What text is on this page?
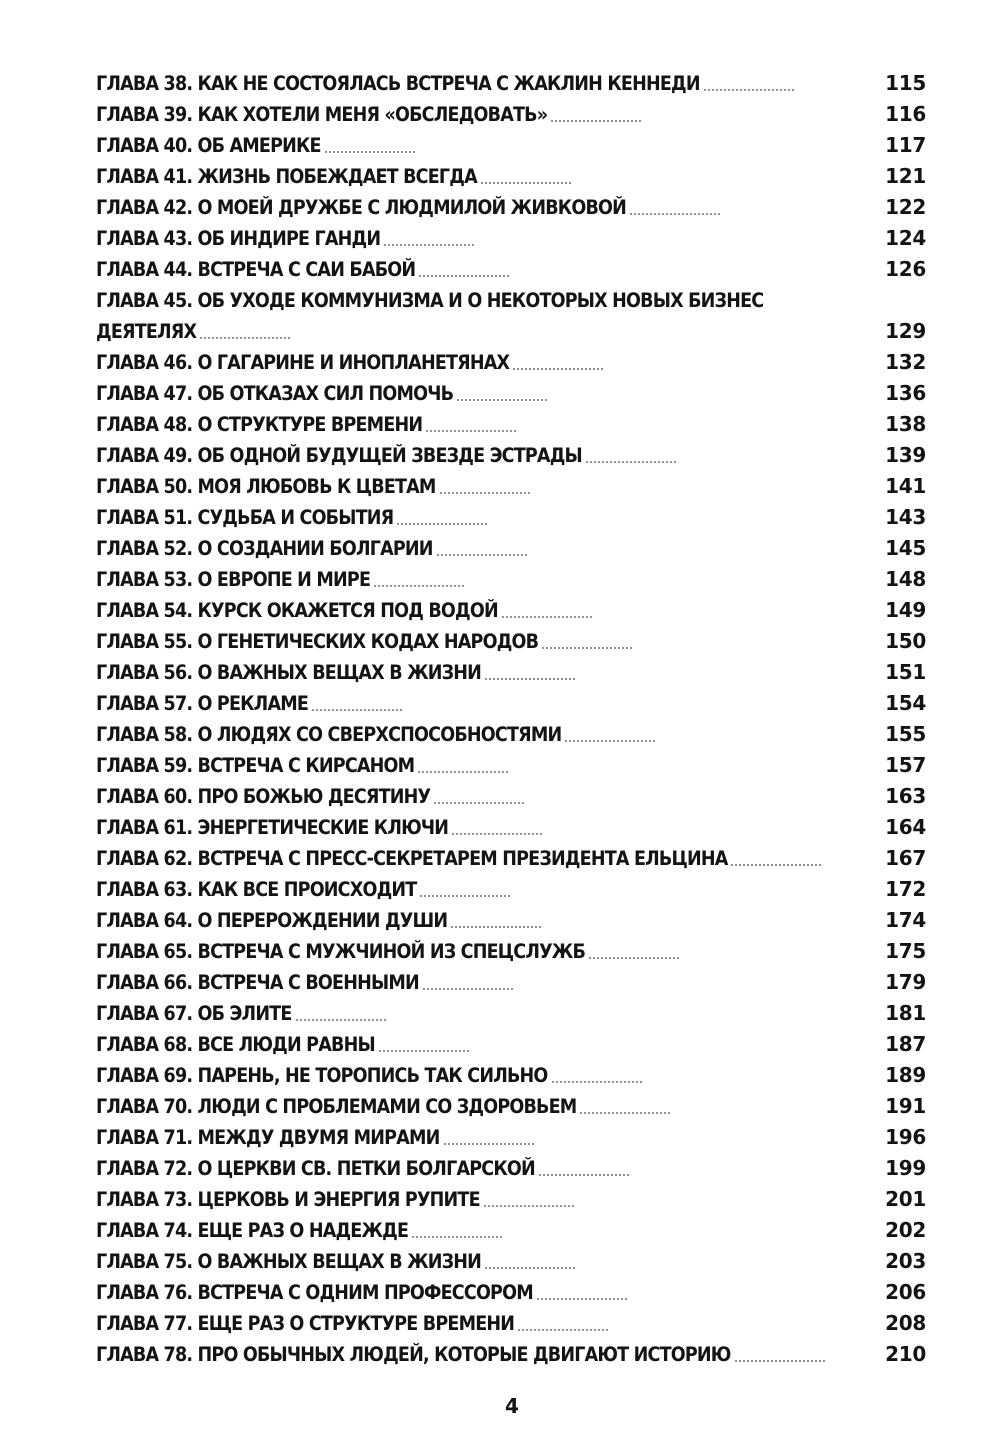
ГЛАВА 38. КАК НЕ СОСТОЯЛАСЬ ВСТРЕЧА С ЖАКЛИН КЕННЕДИ	115
ГЛАВА 39. КАК ХОТЕЛИ МЕНЯ «ОБСЛЕДОВАТЬ»	116
ГЛАВА 40. ОБ АМЕРИКЕ	117
ГЛАВА 41. ЖИЗНЬ ПОБЕЖДАЕТ ВСЕГДА	121
ГЛАВА 42. О МОЕЙ ДРУЖБЕ С ЛЮДМИЛОЙ ЖИВКОВОЙ	122
ГЛАВА 43. ОБ ИНДИРЕ ГАНДИ	124
ГЛАВА 44. ВСТРЕЧА С САИ БАБОЙ	126
ГЛАВА 45. ОБ УХОДЕ КОММУНИЗМА И О НЕКОТОРЫХ НОВЫХ БИЗНЕС ДЕЯТЕЛЯХ	129
ГЛАВА 46. О ГАГАРИНЕ И ИНОПЛАНЕТЯНАХ	132
ГЛАВА 47. ОБ ОТКАЗАХ СИЛ ПОМОЧЬ	136
ГЛАВА 48. О СТРУКТУРЕ ВРЕМЕНИ	138
ГЛАВА 49. ОБ ОДНОЙ БУДУЩЕЙ ЗВЕЗДЕ ЭСТРАДЫ	139
ГЛАВА 50. МОЯ ЛЮБОВЬ К ЦВЕТАМ	141
ГЛАВА 51. СУДЬБА И СОБЫТИЯ	143
ГЛАВА 52. О СОЗДАНИИ БОЛГАРИИ	145
ГЛАВА 53. О ЕВРОПЕ И МИРЕ	148
ГЛАВА 54. КУРСК ОКАЖЕТСЯ ПОД ВОДОЙ	149
ГЛАВА 55. О ГЕНЕТИЧЕСКИХ КОДАХ НАРОДОВ	150
ГЛАВА 56. О ВАЖНЫХ ВЕЩАХ В ЖИЗНИ	151
ГЛАВА 57. О РЕКЛАМЕ	154
ГЛАВА 58. О ЛЮДЯХ СО СВЕРХСПОСОБНОСТЯМИ	155
ГЛАВА 59. ВСТРЕЧА С КИРСАНОМ	157
ГЛАВА 60. ПРО БОЖЬЮ ДЕСЯТИНУ	163
ГЛАВА 61. ЭНЕРГЕТИЧЕСКИЕ КЛЮЧИ	164
ГЛАВА 62. ВСТРЕЧА С ПРЕСС-СЕКРЕТАРЕМ ПРЕЗИДЕНТА ЕЛЬЦИНА	167
ГЛАВА 63. КАК ВСЕ ПРОИСХОДИТ	172
ГЛАВА 64. О ПЕРЕРОЖДЕНИИ ДУШИ	174
ГЛАВА 65. ВСТРЕЧА С МУЖЧИНОЙ ИЗ СПЕЦСЛУЖБ	175
ГЛАВА 66. ВСТРЕЧА С ВОЕННЫМИ	179
ГЛАВА 67. ОБ ЭЛИТЕ	181
ГЛАВА 68. ВСЕ ЛЮДИ РАВНЫ	187
ГЛАВА 69. ПАРЕНЬ, НЕ ТОРОПИСЬ ТАК СИЛЬНО	189
ГЛАВА 70. ЛЮДИ С ПРОБЛЕМАМИ СО ЗДОРОВЬЕМ	191
ГЛАВА 71. МЕЖДУ ДВУМЯ МИРАМИ	196
ГЛАВА 72. О ЦЕРКВИ СВ. ПЕТКИ БОЛГАРСКОЙ	199
ГЛАВА 73. ЦЕРКОВЬ И ЭНЕРГИЯ РУПИТЕ	201
ГЛАВА 74. ЕЩЕ РАЗ О НАДЕЖДЕ	202
ГЛАВА 75. О ВАЖНЫХ ВЕЩАХ В ЖИЗНИ	203
ГЛАВА 76. ВСТРЕЧА С ОДНИМ ПРОФЕССОРОМ	206
ГЛАВА 77. ЕЩЕ РАЗ О СТРУКТУРЕ ВРЕМЕНИ	208
ГЛАВА 78. ПРО ОБЫЧНЫХ ЛЮДЕЙ, КОТОРЫЕ ДВИГАЮТ ИСТОРИЮ	210
4
